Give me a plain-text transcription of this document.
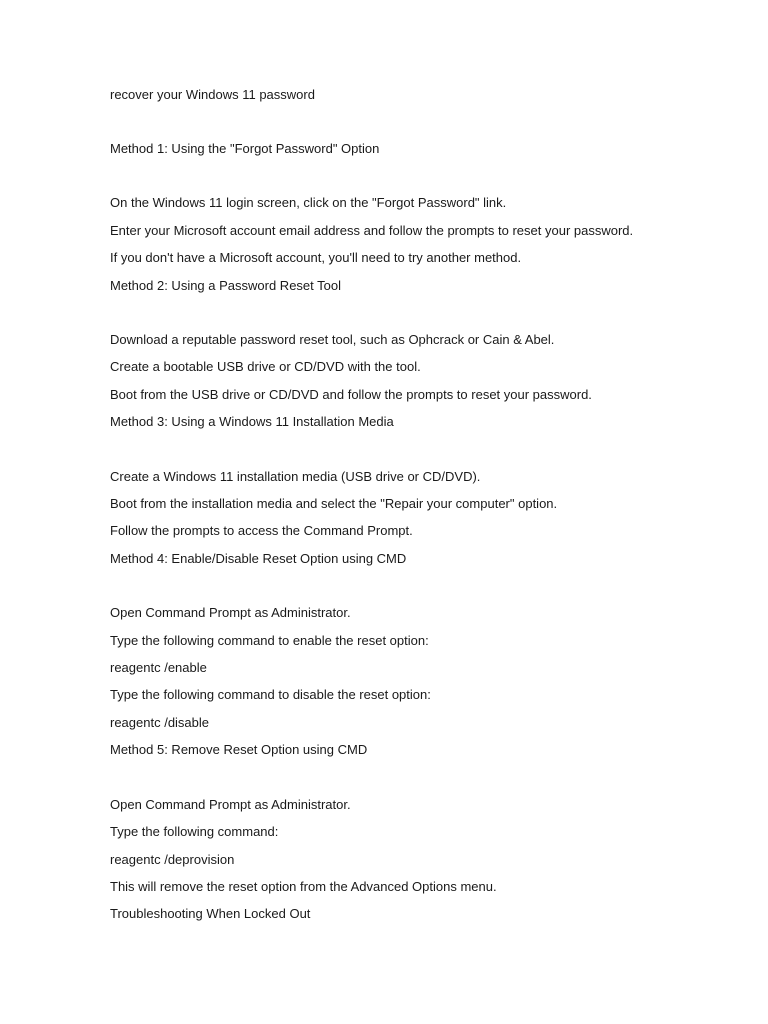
recover your Windows 11 password

Method 1: Using the "Forgot Password" Option

On the Windows 11 login screen, click on the "Forgot Password" link.

Enter your Microsoft account email address and follow the prompts to reset your password.

If you don't have a Microsoft account, you'll need to try another method.

Method 2: Using a Password Reset Tool

Download a reputable password reset tool, such as Ophcrack or Cain & Abel.

Create a bootable USB drive or CD/DVD with the tool.

Boot from the USB drive or CD/DVD and follow the prompts to reset your password.

Method 3: Using a Windows 11 Installation Media

Create a Windows 11 installation media (USB drive or CD/DVD).

Boot from the installation media and select the "Repair your computer" option.

Follow the prompts to access the Command Prompt.

Method 4: Enable/Disable Reset Option using CMD

Open Command Prompt as Administrator.

Type the following command to enable the reset option:

reagentc /enable

Type the following command to disable the reset option:

reagentc /disable

Method 5: Remove Reset Option using CMD

Open Command Prompt as Administrator.

Type the following command:

reagentc /deprovision

This will remove the reset option from the Advanced Options menu.

Troubleshooting When Locked Out
